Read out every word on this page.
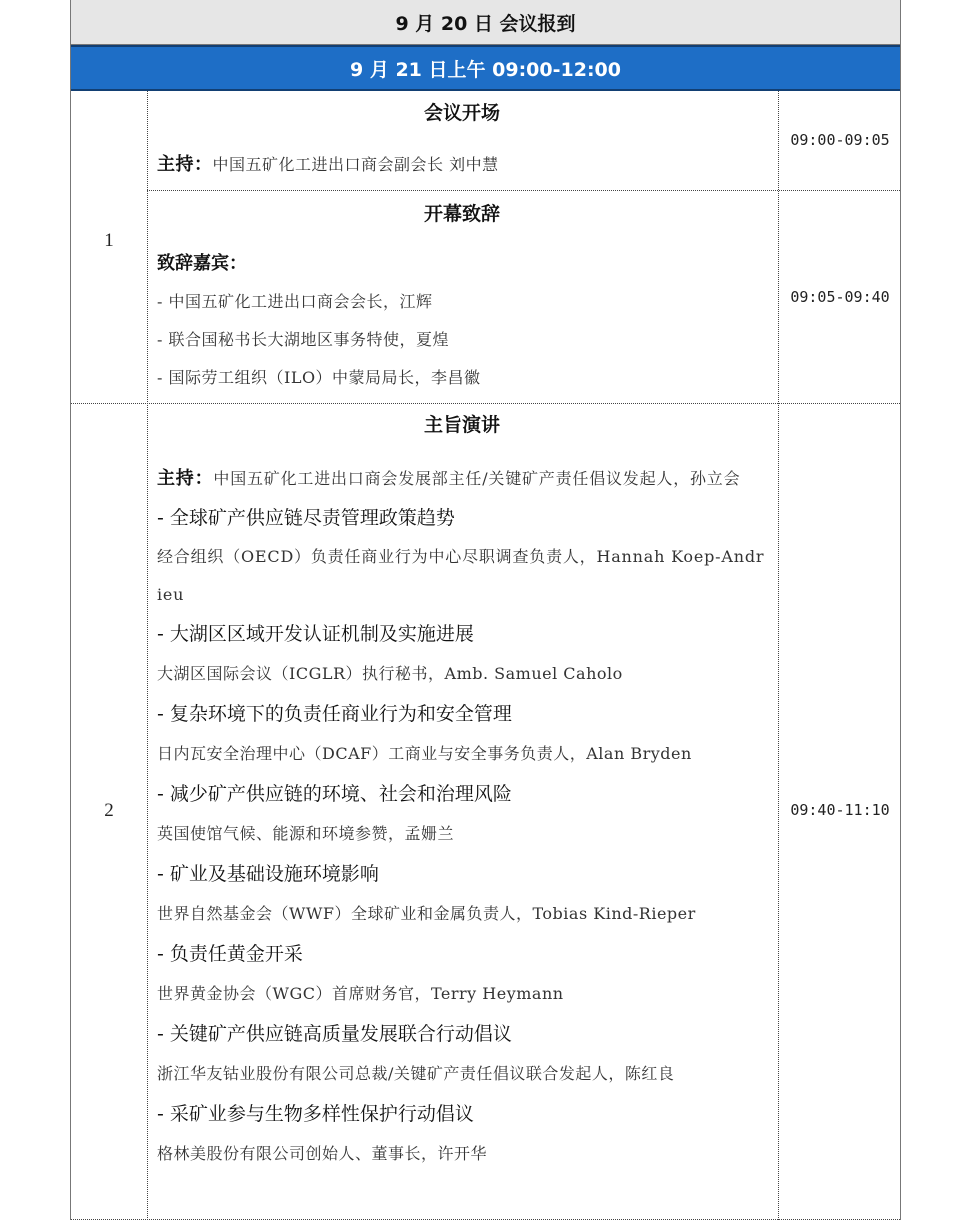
9 月 20 日 会议报到
9 月 21 日上午 09:00-12:00
1
会议开场
主持：中国五矿化工进出口商会副会长 刘中慧
09:00-09:05
开幕致辞
致辞嘉宾：
- 中国五矿化工进出口商会会长，江辉
- 联合国秘书长大湖地区事务特使，夏煌
- 国际劳工组织（ILO）中蒙局局长，李昌徽
09:05-09:40
2
主旨演讲
主持：中国五矿化工进出口商会发展部主任/关键矿产责任倡议发起人，孙立会
- 全球矿产供应链尽责管理政策趋势
经合组织（OECD）负责任商业行为中心尽职调查负责人，Hannah Koep-Andrieu
- 大湖区区域开发认证机制及实施进展
大湖区国际会议（ICGLR）执行秘书，Amb. Samuel Caholo
- 复杂环境下的负责任商业行为和安全管理
日内瓦安全治理中心（DCAF）工商业与安全事务负责人，Alan Bryden
- 减少矿产供应链的环境、社会和治理风险
英国使馆气候、能源和环境参赞，孟姗兰
- 矿业及基础设施环境影响
世界自然基金会（WWF）全球矿业和金属负责人，Tobias Kind-Rieper
- 负责任黄金开采
世界黄金协会（WGC）首席财务官，Terry Heymann
- 关键矿产供应链高质量发展联合行动倡议
浙江华友钴业股份有限公司总裁/关键矿产责任倡议联合发起人，陈红良
- 采矿业参与生物多样性保护行动倡议
格林美股份有限公司创始人、董事长，许开华
09:40-11:10
